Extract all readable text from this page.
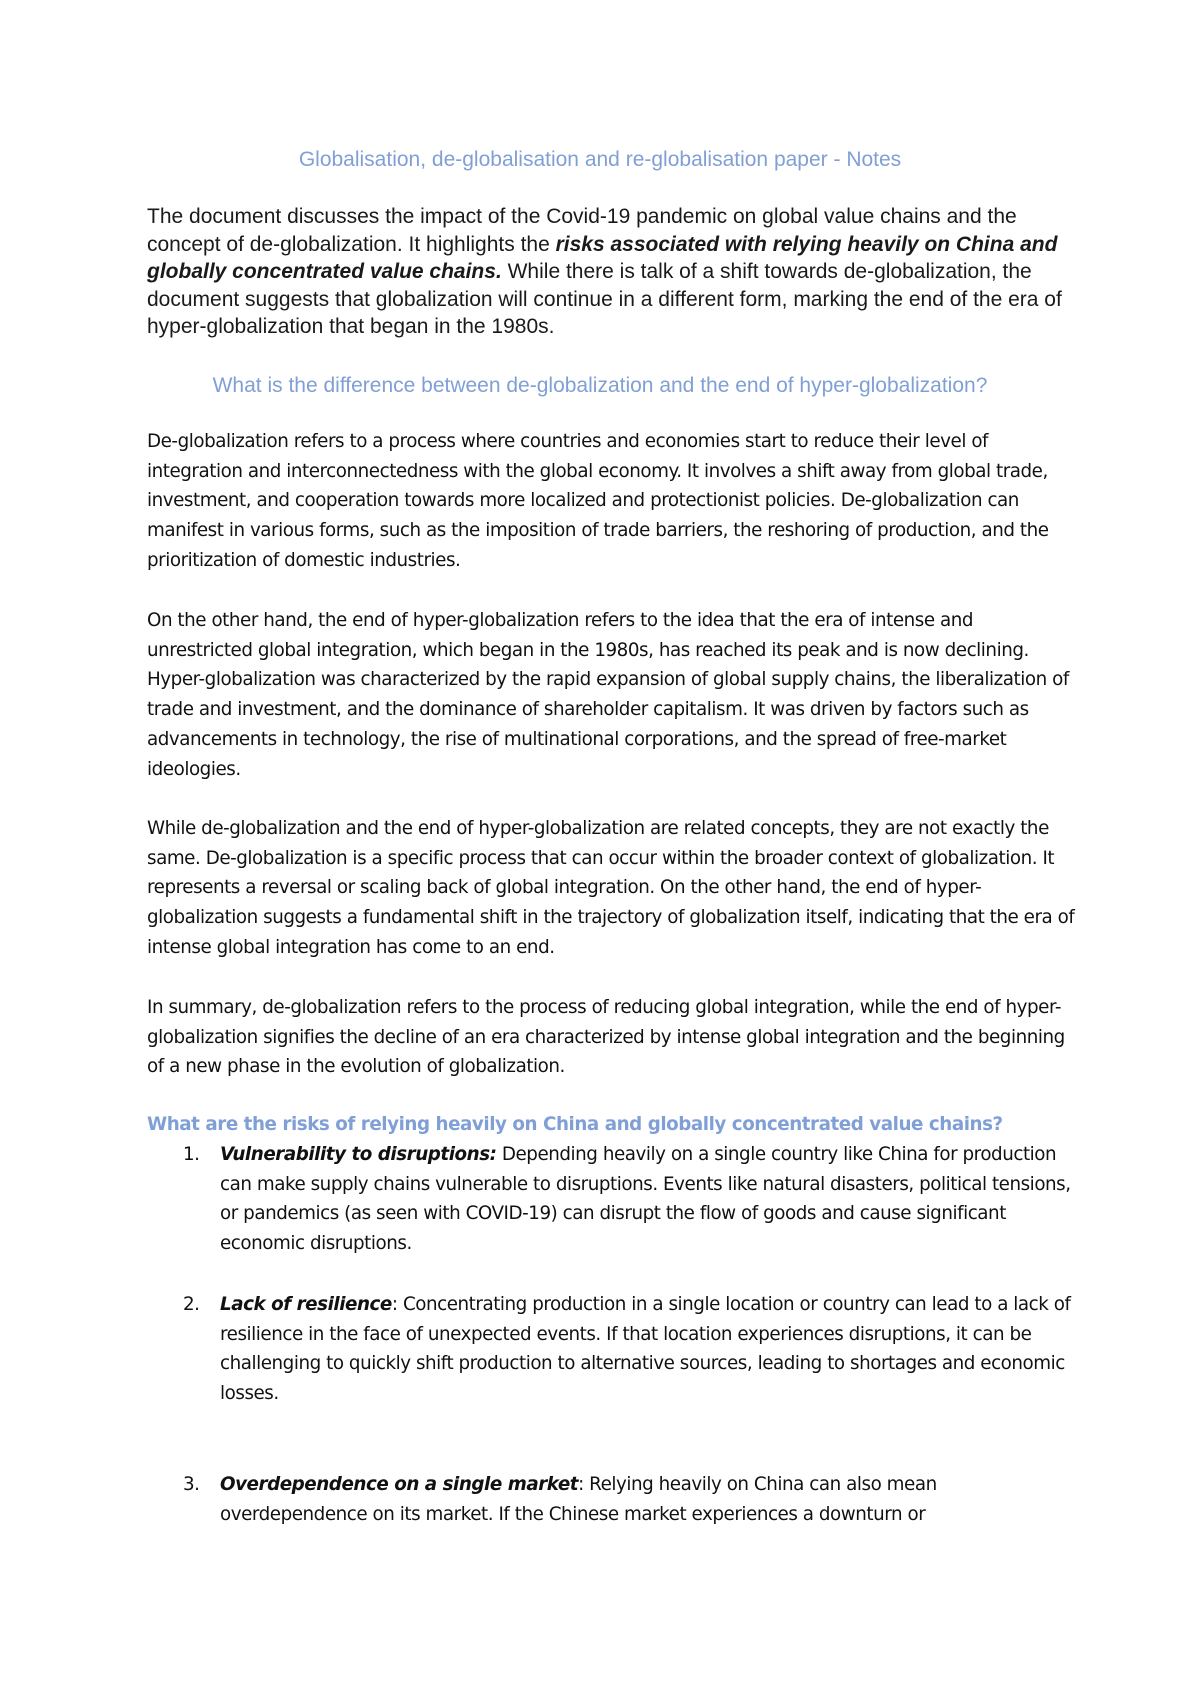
Globalisation, de-globalisation and re-globalisation paper - Notes

The document discusses the impact of the Covid-19 pandemic on global value chains and the concept of de-globalization. It highlights the risks associated with relying heavily on China and globally concentrated value chains. While there is talk of a shift towards de-globalization, the document suggests that globalization will continue in a different form, marking the end of the era of hyper-globalization that began in the 1980s.

What is the difference between de-globalization and the end of hyper-globalization?

De-globalization refers to a process where countries and economies start to reduce their level of integration and interconnectedness with the global economy. It involves a shift away from global trade, investment, and cooperation towards more localized and protectionist policies. De-globalization can manifest in various forms, such as the imposition of trade barriers, the reshoring of production, and the prioritization of domestic industries.

On the other hand, the end of hyper-globalization refers to the idea that the era of intense and unrestricted global integration, which began in the 1980s, has reached its peak and is now declining. Hyper-globalization was characterized by the rapid expansion of global supply chains, the liberalization of trade and investment, and the dominance of shareholder capitalism. It was driven by factors such as advancements in technology, the rise of multinational corporations, and the spread of free-market ideologies.

While de-globalization and the end of hyper-globalization are related concepts, they are not exactly the same. De-globalization is a specific process that can occur within the broader context of globalization. It represents a reversal or scaling back of global integration. On the other hand, the end of hyper-globalization suggests a fundamental shift in the trajectory of globalization itself, indicating that the era of intense global integration has come to an end.

In summary, de-globalization refers to the process of reducing global integration, while the end of hyper-globalization signifies the decline of an era characterized by intense global integration and the beginning of a new phase in the evolution of globalization.

What are the risks of relying heavily on China and globally concentrated value chains?

1. Vulnerability to disruptions: Depending heavily on a single country like China for production can make supply chains vulnerable to disruptions. Events like natural disasters, political tensions, or pandemics (as seen with COVID-19) can disrupt the flow of goods and cause significant economic disruptions.

2. Lack of resilience: Concentrating production in a single location or country can lead to a lack of resilience in the face of unexpected events. If that location experiences disruptions, it can be challenging to quickly shift production to alternative sources, leading to shortages and economic losses.

3. Overdependence on a single market: Relying heavily on China can also mean overdependence on its market. If the Chinese market experiences a downturn or
